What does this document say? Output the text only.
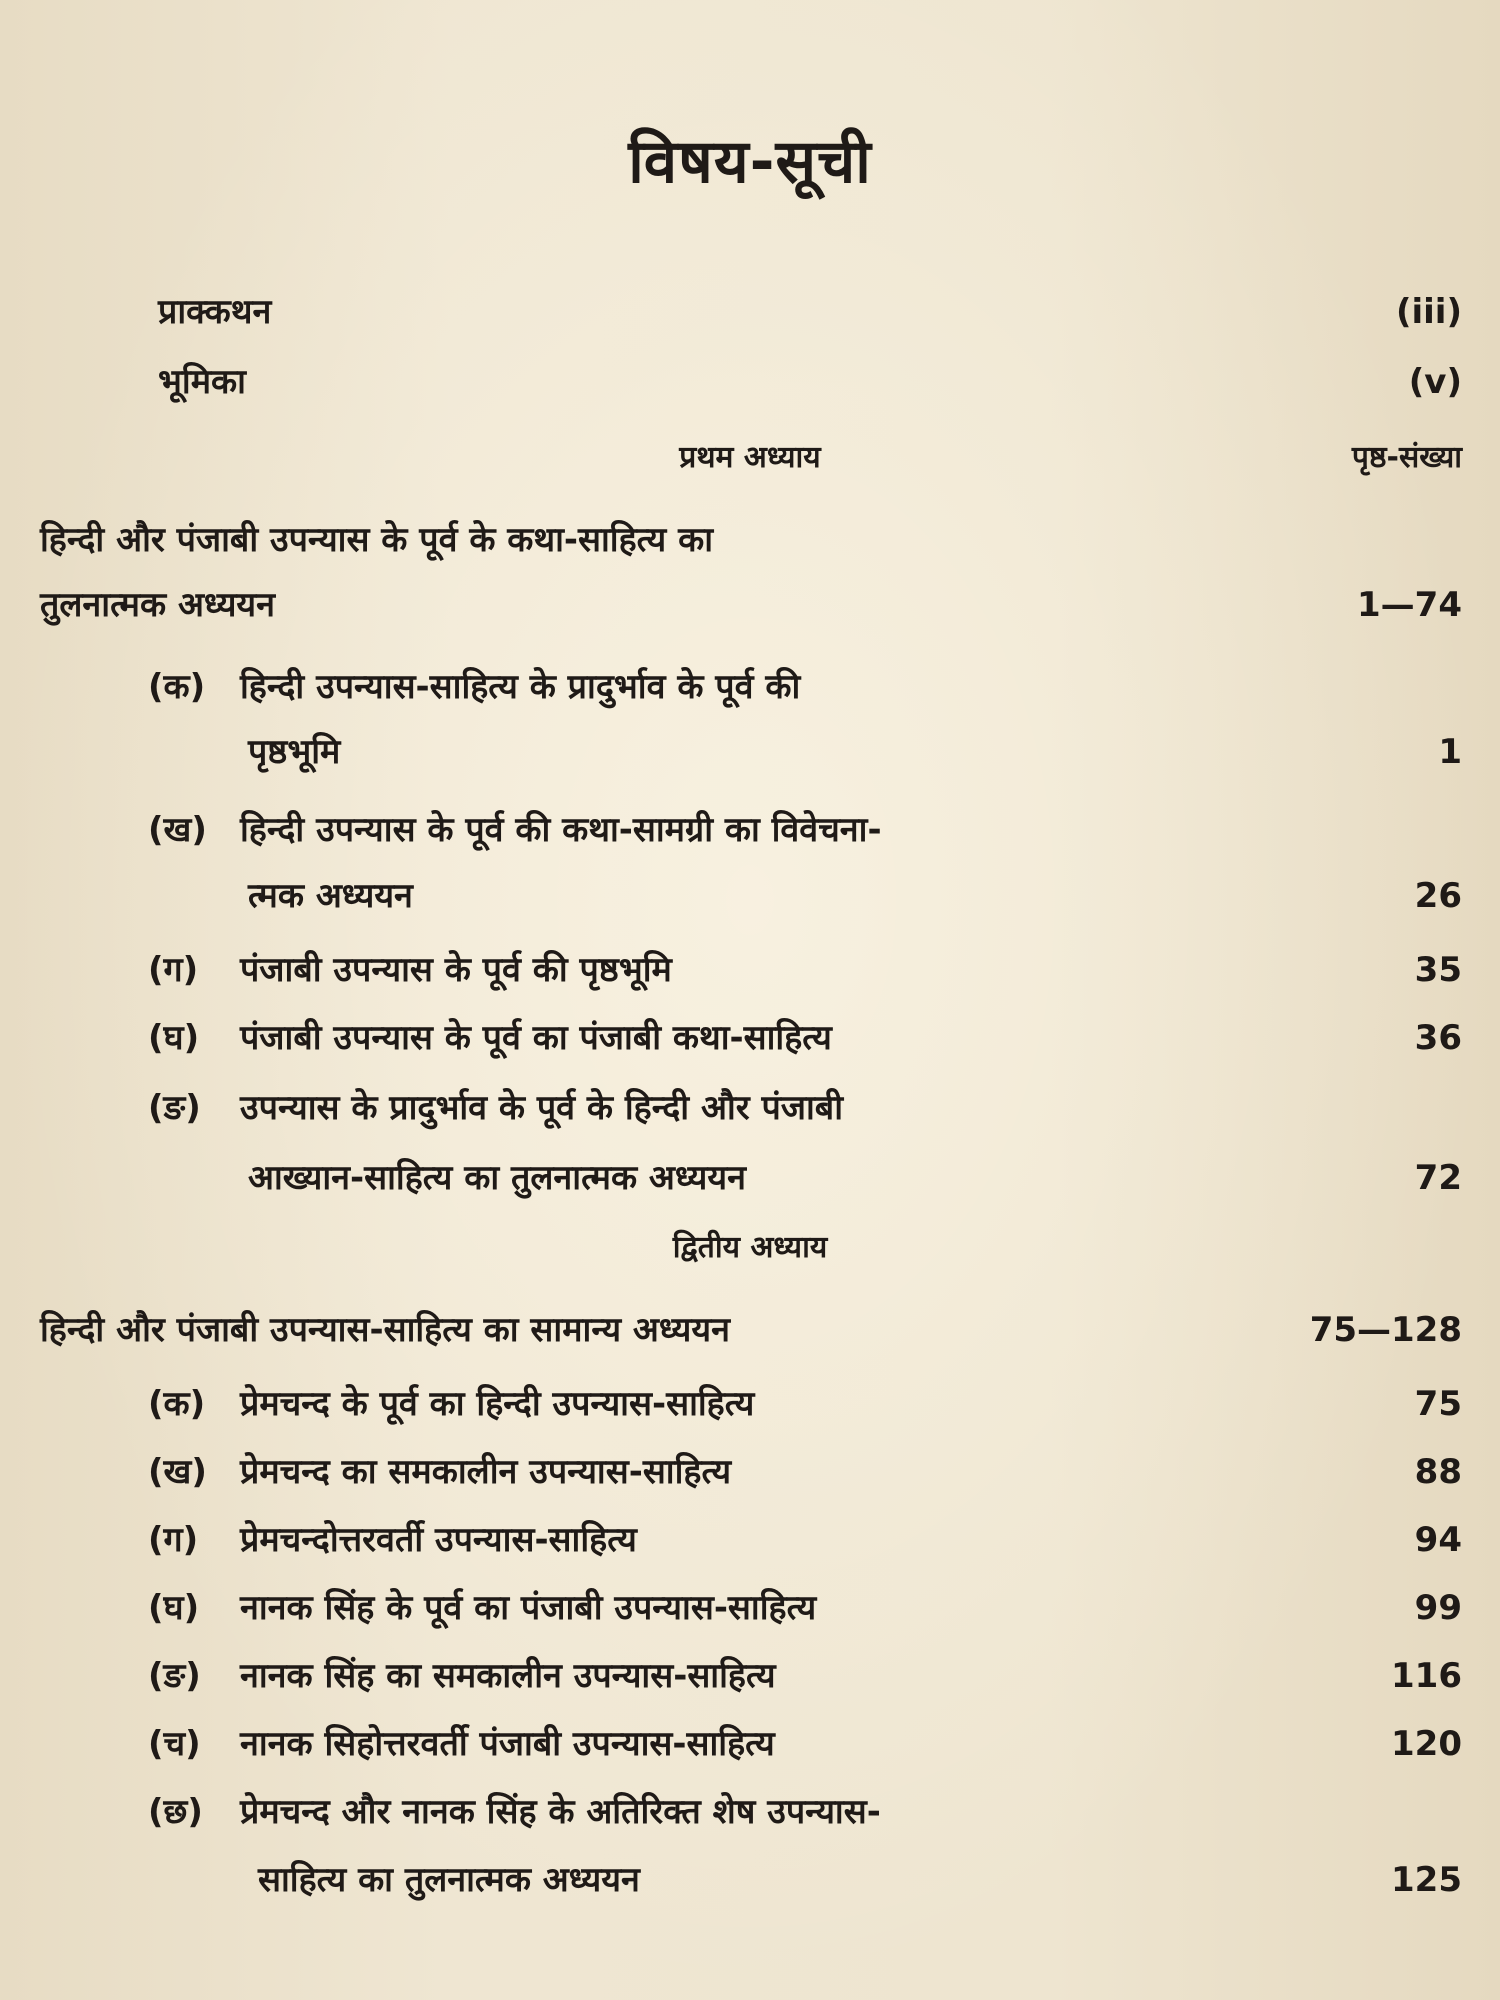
विषय-सूची
प्राक्कथन	(iii)
भूमिका	(v)
प्रथम अध्याय	पृष्ठ-संख्या
हिन्दी और पंजाबी उपन्यास के पूर्व के कथा-साहित्य का
तुलनात्मक अध्ययन	1—74
(क) हिन्दी उपन्यास-साहित्य के प्रादुर्भाव के पूर्व की
पृष्ठभूमि	1
(ख) हिन्दी उपन्यास के पूर्व की कथा-सामग्री का विवेचना-
त्मक अध्ययन	26
(ग) पंजाबी उपन्यास के पूर्व की पृष्ठभूमि	35
(घ) पंजाबी उपन्यास के पूर्व का पंजाबी कथा-साहित्य	36
(ङ) उपन्यास के प्रादुर्भाव के पूर्व के हिन्दी और पंजाबी
आख्यान-साहित्य का तुलनात्मक अध्ययन	72
द्वितीय अध्याय
हिन्दी और पंजाबी उपन्यास-साहित्य का सामान्य अध्ययन	75—128
(क) प्रेमचन्द के पूर्व का हिन्दी उपन्यास-साहित्य	75
(ख) प्रेमचन्द का समकालीन उपन्यास-साहित्य	88
(ग) प्रेमचन्दोत्तरवर्ती उपन्यास-साहित्य	94
(घ) नानक सिंह के पूर्व का पंजाबी उपन्यास-साहित्य	99
(ङ) नानक सिंह का समकालीन उपन्यास-साहित्य	116
(च) नानक सिहोत्तरवर्ती पंजाबी उपन्यास-साहित्य	120
(छ) प्रेमचन्द और नानक सिंह के अतिरिक्त शेष उपन्यास-
साहित्य का तुलनात्मक अध्ययन	125
